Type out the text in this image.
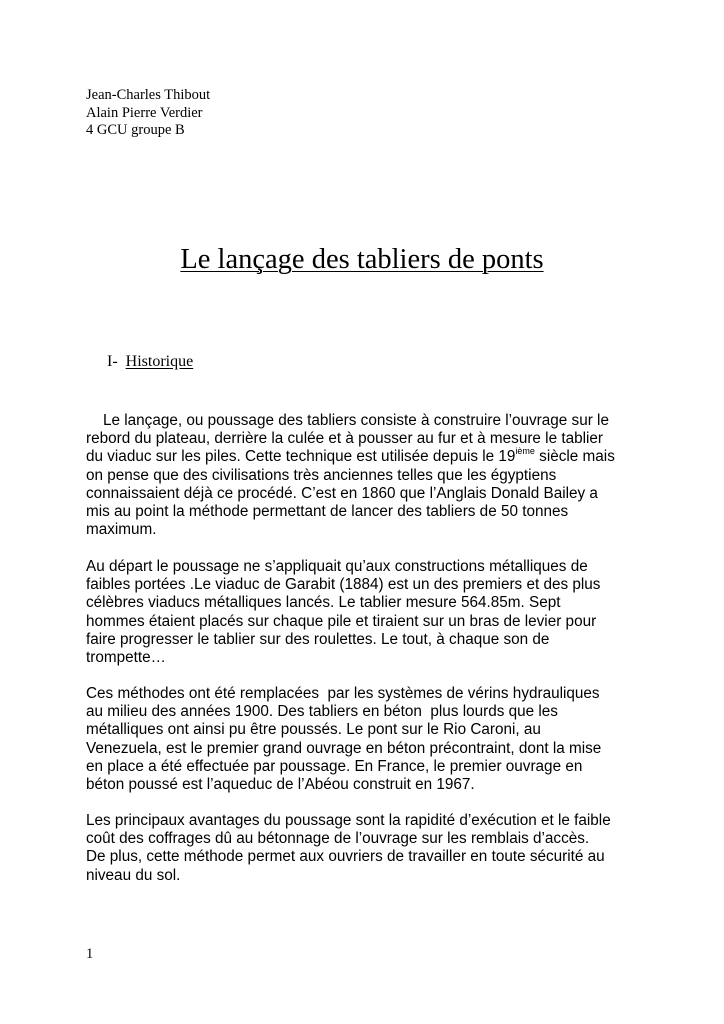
Jean-Charles Thibout
Alain Pierre Verdier
4 GCU groupe B
Le lançage des tabliers de ponts
I- Historique
Le lançage, ou poussage des tabliers consiste à construire l’ouvrage sur le
rebord du plateau, derrière la culée et à pousser au fur et à mesure le tablier
du viaduc sur les piles. Cette technique est utilisée depuis le 19ième siècle mais
on pense que des civilisations très anciennes telles que les égyptiens
connaissaient déjà ce procédé. C’est en 1860 que l’Anglais Donald Bailey a
mis au point la méthode permettant de lancer des tabliers de 50 tonnes
maximum.
Au départ le poussage ne s’appliquait qu’aux constructions métalliques de
faibles portées .Le viaduc de Garabit (1884) est un des premiers et des plus
célèbres viaducs métalliques lancés. Le tablier mesure 564.85m. Sept
hommes étaient placés sur chaque pile et tiraient sur un bras de levier pour
faire progresser le tablier sur des roulettes. Le tout, à chaque son de
trompette…
Ces méthodes ont été remplacées  par les systèmes de vérins hydrauliques
au milieu des années 1900. Des tabliers en béton  plus lourds que les
métalliques ont ainsi pu être poussés. Le pont sur le Rio Caroni, au
Venezuela, est le premier grand ouvrage en béton précontraint, dont la mise
en place a été effectuée par poussage. En France, le premier ouvrage en
béton poussé est l’aqueduc de l’Abéou construit en 1967.
Les principaux avantages du poussage sont la rapidité d’exécution et le faible
coût des coffrages dû au bétonnage de l’ouvrage sur les remblais d’accès.
De plus, cette méthode permet aux ouvriers de travailler en toute sécurité au
niveau du sol.
1
